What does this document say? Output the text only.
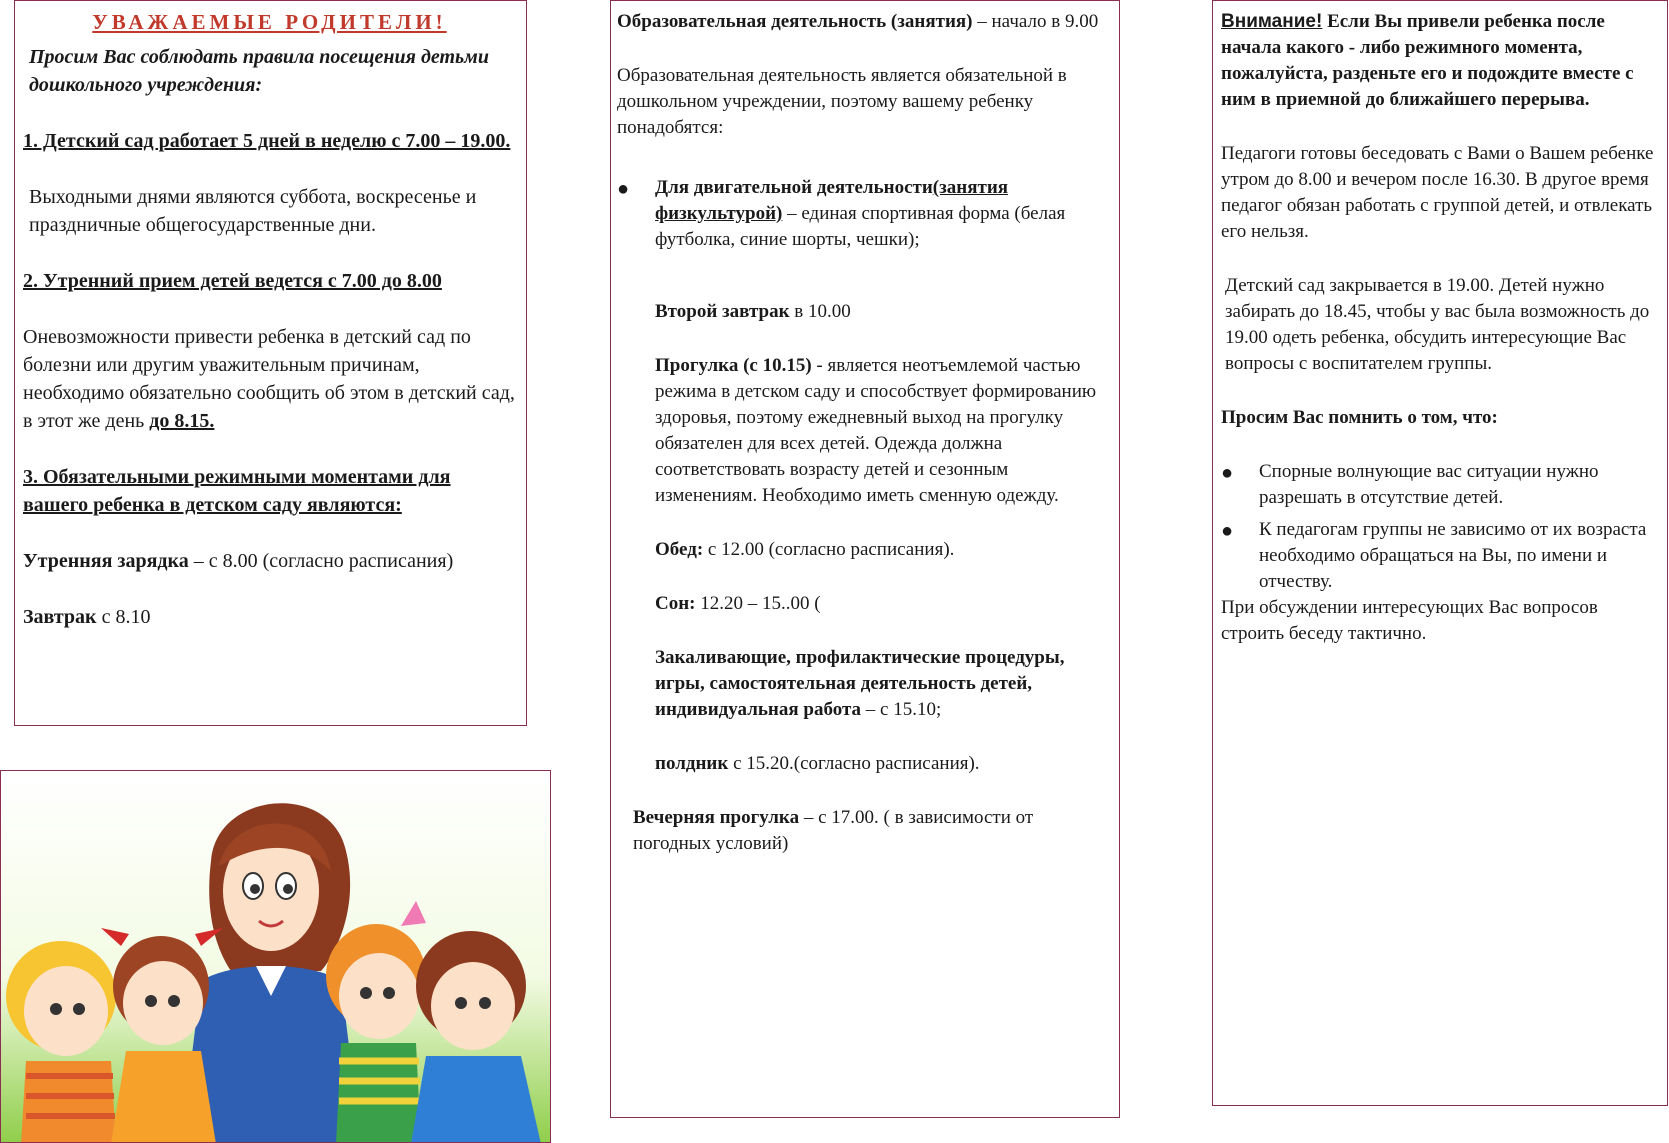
УВАЖАЕМЫЕ РОДИТЕЛИ!

Просим Вас соблюдать правила посещения детьми дошкольного учреждения:

1. Детский сад работает 5 дней в неделю с 7.00 – 19.00.

Выходными днями являются суббота, воскресенье и праздничные общегосударственные дни.

2. Утренний прием детей ведется с 7.00 до 8.00

Оневозможности привести ребенка в детский сад по болезни или другим уважительным причинам, необходимо обязательно сообщить об этом в детский сад, в этот же день до 8.15.

3. Обязательными режимными моментами для вашего ребенка в детском саду являются:

Утренняя зарядка – с 8.00 (согласно расписания)

Завтрак с 8.10

Образовательная деятельность (занятия) – начало в 9.00

Образовательная деятельность является обязательной в дошкольном учреждении, поэтому вашему ребенку понадобятся:

●	Для двигательной деятельности(занятия физкультурой) – единая спортивная форма (белая футболка, синие шорты, чешки);

Второй завтрак в 10.00

Прогулка (с 10.15) - является неотъемлемой частью режима в детском саду и способствует формированию здоровья, поэтому ежедневный выход на прогулку обязателен для всех детей. Одежда должна соответствовать возрасту детей и сезонным изменениям. Необходимо иметь сменную одежду.

Обед: с 12.00 (согласно расписания).

Сон: 12.20 – 15..00 (

Закаливающие, профилактические процедуры, игры, самостоятельная деятельность детей, индивидуальная работа – с 15.10;

полдник с 15.20.(согласно расписания).

Вечерняя прогулка – с 17.00. ( в зависимости от погодных условий)

Внимание! Если Вы привели ребенка после начала какого - либо режимного момента, пожалуйста, разденьте его и подождите вместе с ним в приемной до ближайшего перерыва.

Педагоги готовы беседовать с Вами о Вашем ребенке утром до 8.00 и вечером после 16.30. В другое время педагог обязан работать с группой детей, и отвлекать его нельзя.

Детский сад закрывается в 19.00. Детей нужно забирать до 18.45, чтобы у вас была возможность до 19.00 одеть ребенка, обсудить интересующие Вас вопросы с воспитателем группы.

Просим Вас помнить о том, что:

●	Спорные волнующие вас ситуации нужно разрешать в отсутствие детей.

●	К педагогам группы не зависимо от их возраста необходимо обращаться на Вы, по имени и отчеству.

При обсуждении интересующих Вас вопросов строить беседу тактично.
